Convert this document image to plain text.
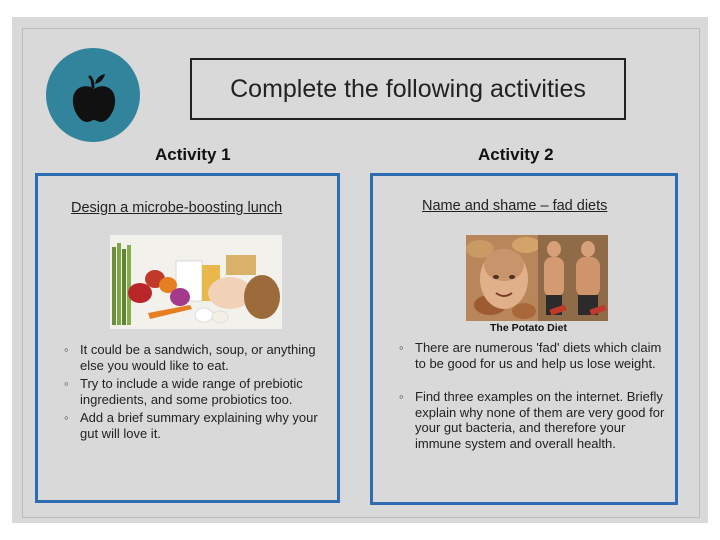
Complete the following activities
Activity 1	Activity 2
Design a microbe-boosting lunch
◦ It could be a sandwich, soup, or anything else you would like to eat.
◦ Try to include a wide range of prebiotic ingredients, and some probiotics too.
◦ Add a brief summary explaining why your gut will love it.
Name and shame – fad diets
The Potato Diet
◦ There are numerous 'fad' diets which claim to be good for us and help us lose weight.
◦ Find three examples on the internet. Briefly explain why none of them are very good for your gut bacteria, and therefore your immune system and overall health.
